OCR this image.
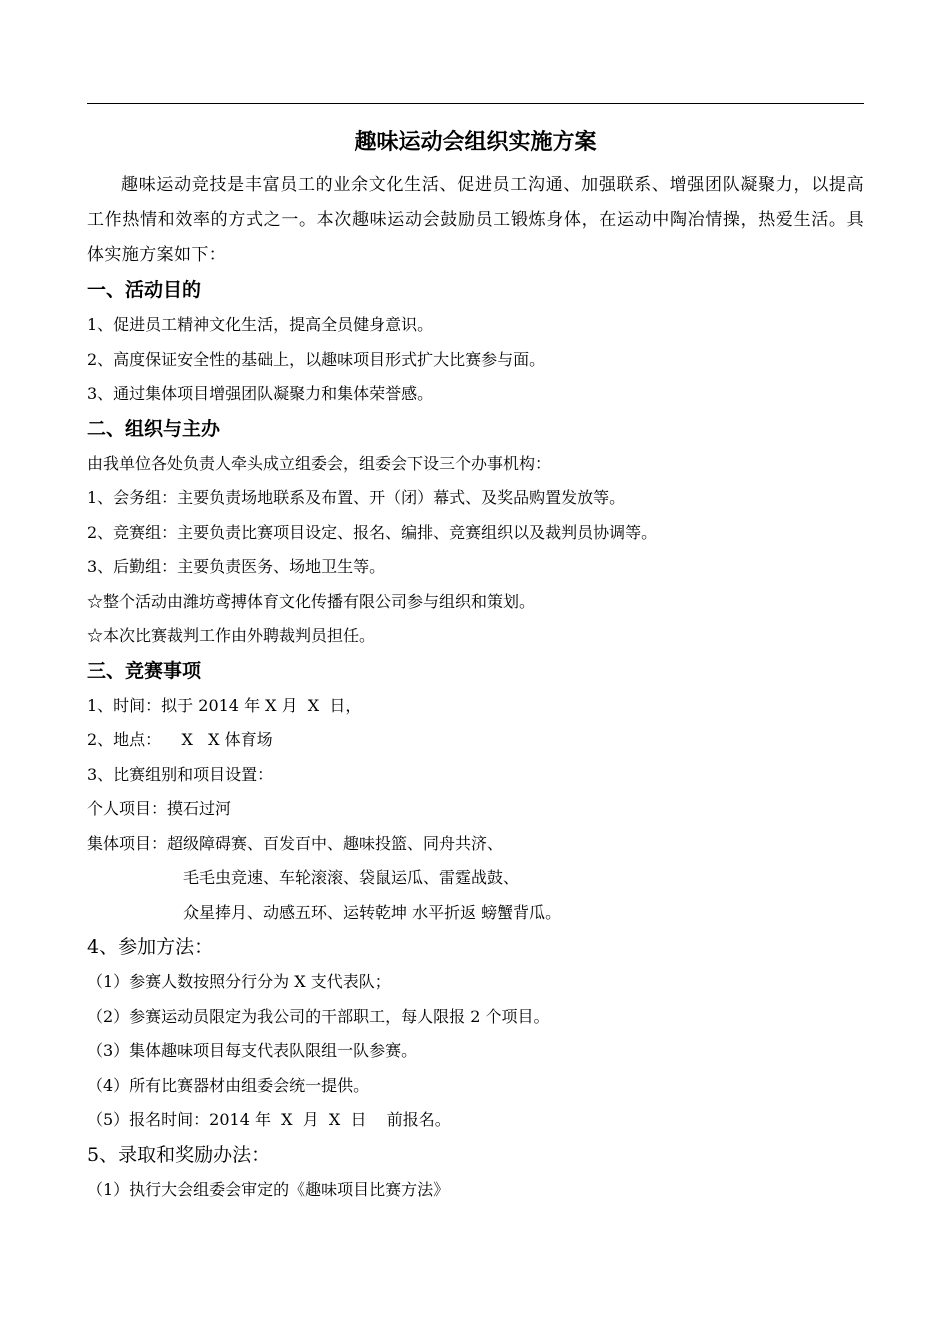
趣味运动会组织实施方案

趣味运动竞技是丰富员工的业余文化生活、促进员工沟通、加强联系、增强团队凝聚力，以提高工作热情和效率的方式之一。本次趣味运动会鼓励员工锻炼身体，在运动中陶冶情操，热爱生活。具体实施方案如下：

一、活动目的

1、促进员工精神文化生活，提高全员健身意识。

2、高度保证安全性的基础上，以趣味项目形式扩大比赛参与面。

3、通过集体项目增强团队凝聚力和集体荣誉感。

二、组织与主办

由我单位各处负责人牵头成立组委会，组委会下设三个办事机构：

1、会务组：主要负责场地联系及布置、开（闭）幕式、及奖品购置发放等。

2、竞赛组：主要负责比赛项目设定、报名、编排、竞赛组织以及裁判员协调等。

3、后勤组：主要负责医务、场地卫生等。

☆整个活动由潍坊鸢搏体育文化传播有限公司参与组织和策划。

☆本次比赛裁判工作由外聘裁判员担任。

三、竞赛事项

1、时间：拟于 2014 年 X 月  X  日，

2、地点：    X   X 体育场

3、比赛组别和项目设置：

个人项目：摸石过河

集体项目：超级障碍赛、百发百中、趣味投篮、同舟共济、

毛毛虫竞速、车轮滚滚、袋鼠运瓜、雷霆战鼓、

众星捧月、动感五环、运转乾坤 水平折返 螃蟹背瓜。

4、参加方法：

（1）参赛人数按照分行分为 X 支代表队；

（2）参赛运动员限定为我公司的干部职工，每人限报 2 个项目。

（3）集体趣味项目每支代表队限组一队参赛。

（4）所有比赛器材由组委会统一提供。

（5）报名时间：2014 年  X  月  X  日    前报名。

5、录取和奖励办法：

（1）执行大会组委会审定的《趣味项目比赛方法》
